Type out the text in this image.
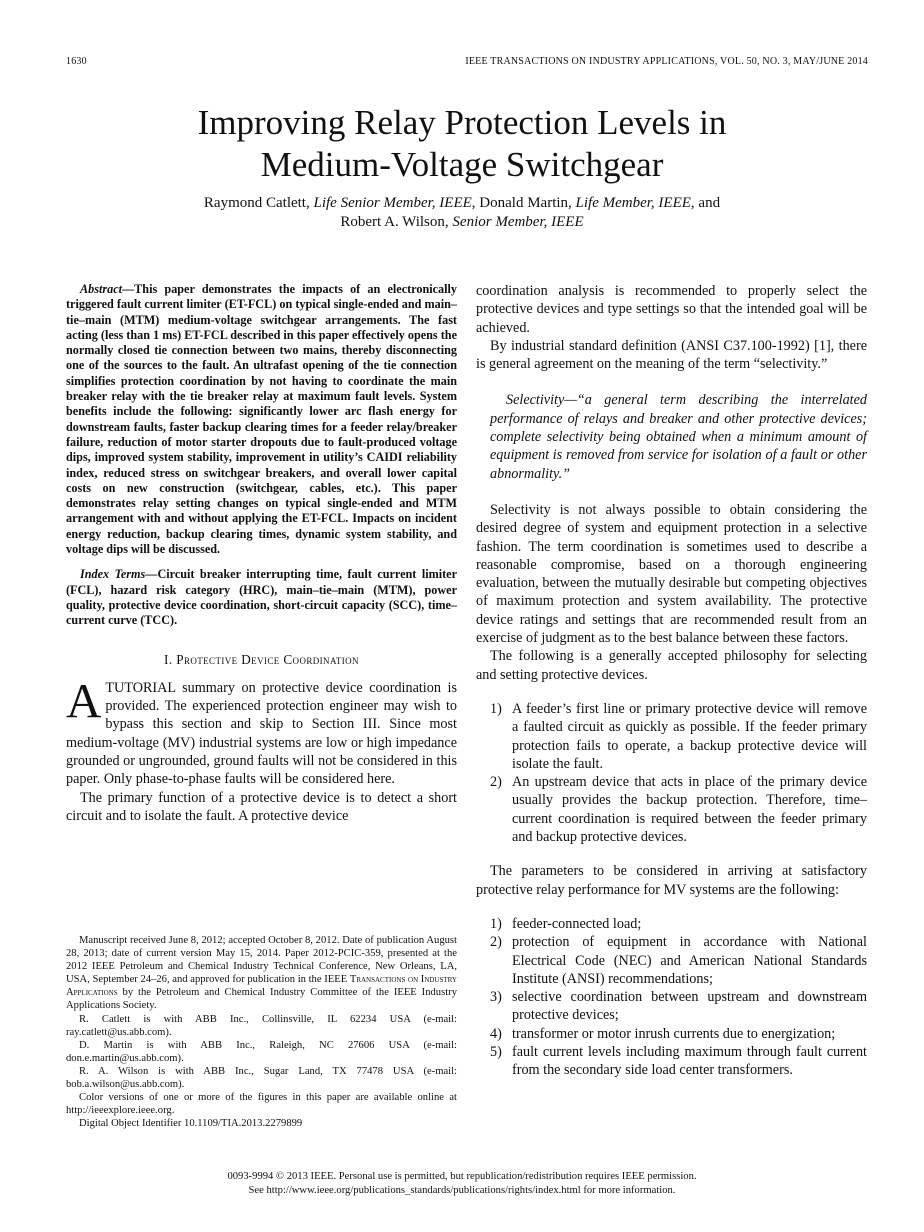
1630	IEEE TRANSACTIONS ON INDUSTRY APPLICATIONS, VOL. 50, NO. 3, MAY/JUNE 2014
Improving Relay Protection Levels in
Medium-Voltage Switchgear
Raymond Catlett, Life Senior Member, IEEE, Donald Martin, Life Member, IEEE, and
Robert A. Wilson, Senior Member, IEEE

Abstract—This paper demonstrates the impacts of an electronically triggered fault current limiter (ET-FCL) on typical single-ended and main–tie–main (MTM) medium-voltage switchgear arrangements. The fast acting (less than 1 ms) ET-FCL described in this paper effectively opens the normally closed tie connection between two mains, thereby disconnecting one of the sources to the fault. An ultrafast opening of the tie connection simplifies protection coordination by not having to coordinate the main breaker relay with the tie breaker relay at maximum fault levels. System benefits include the following: significantly lower arc flash energy for downstream faults, faster backup clearing times for a feeder relay/breaker failure, reduction of motor starter dropouts due to fault-produced voltage dips, improved system stability, improvement in utility’s CAIDI reliability index, reduced stress on switchgear breakers, and overall lower capital costs on new construction (switchgear, cables, etc.). This paper demonstrates relay setting changes on typical single-ended and MTM arrangement with and without applying the ET-FCL. Impacts on incident energy reduction, backup clearing times, dynamic system stability, and voltage dips will be discussed.

Index Terms—Circuit breaker interrupting time, fault current limiter (FCL), hazard risk category (HRC), main–tie–main (MTM), power quality, protective device coordination, short-circuit capacity (SCC), time–current curve (TCC).

I. Protective Device Coordination

ATUTORIAL summary on protective device coordination is provided. The experienced protection engineer may wish to bypass this section and skip to Section III. Since most medium-voltage (MV) industrial systems are low or high impedance grounded or ungrounded, ground faults will not be considered in this paper. Only phase-to-phase faults will be considered here.

The primary function of a protective device is to detect a short circuit and to isolate the fault. A protective device

coordination analysis is recommended to properly select the protective devices and type settings so that the intended goal will be achieved.

By industrial standard definition (ANSI C37.100-1992) [1], there is general agreement on the meaning of the term “selectivity.”

Selectivity—“a general term describing the interrelated performance of relays and breaker and other protective devices; complete selectivity being obtained when a minimum amount of equipment is removed from service for isolation of a fault or other abnormality.”

Selectivity is not always possible to obtain considering the desired degree of system and equipment protection in a selective fashion. The term coordination is sometimes used to describe a reasonable compromise, based on a thorough engineering evaluation, between the mutually desirable but competing objectives of maximum protection and system availability. The protective device ratings and settings that are recommended result from an exercise of judgment as to the best balance between these factors.

The following is a generally accepted philosophy for selecting and setting protective devices.

1) A feeder’s first line or primary protective device will remove a faulted circuit as quickly as possible. If the feeder primary protection fails to operate, a backup protective device will isolate the fault.
2) An upstream device that acts in place of the primary device usually provides the backup protection. Therefore, time–current coordination is required between the feeder primary and backup protective devices.

The parameters to be considered in arriving at satisfactory protective relay performance for MV systems are the following:

1) feeder-connected load;
2) protection of equipment in accordance with National Electrical Code (NEC) and American National Standards Institute (ANSI) recommendations;
3) selective coordination between upstream and downstream protective devices;
4) transformer or motor inrush currents due to energization;
5) fault current levels including maximum through fault current from the secondary side load center transformers.

Manuscript received June 8, 2012; accepted October 8, 2012. Date of publication August 28, 2013; date of current version May 15, 2014. Paper 2012-PCIC-359, presented at the 2012 IEEE Petroleum and Chemical Industry Technical Conference, New Orleans, LA, USA, September 24–26, and approved for publication in the IEEE Transactions on Industry Applications by the Petroleum and Chemical Industry Committee of the IEEE Industry Applications Society.

R. Catlett is with ABB Inc., Collinsville, IL 62234 USA (e-mail: ray.catlett@us.abb.com).

D. Martin is with ABB Inc., Raleigh, NC 27606 USA (e-mail: don.e.martin@us.abb.com).

R. A. Wilson is with ABB Inc., Sugar Land, TX 77478 USA (e-mail: bob.a.wilson@us.abb.com).

Color versions of one or more of the figures in this paper are available online at http://ieeexplore.ieee.org.

Digital Object Identifier 10.1109/TIA.2013.2279899

0093-9994 © 2013 IEEE. Personal use is permitted, but republication/redistribution requires IEEE permission.
See http://www.ieee.org/publications_standards/publications/rights/index.html for more information.
